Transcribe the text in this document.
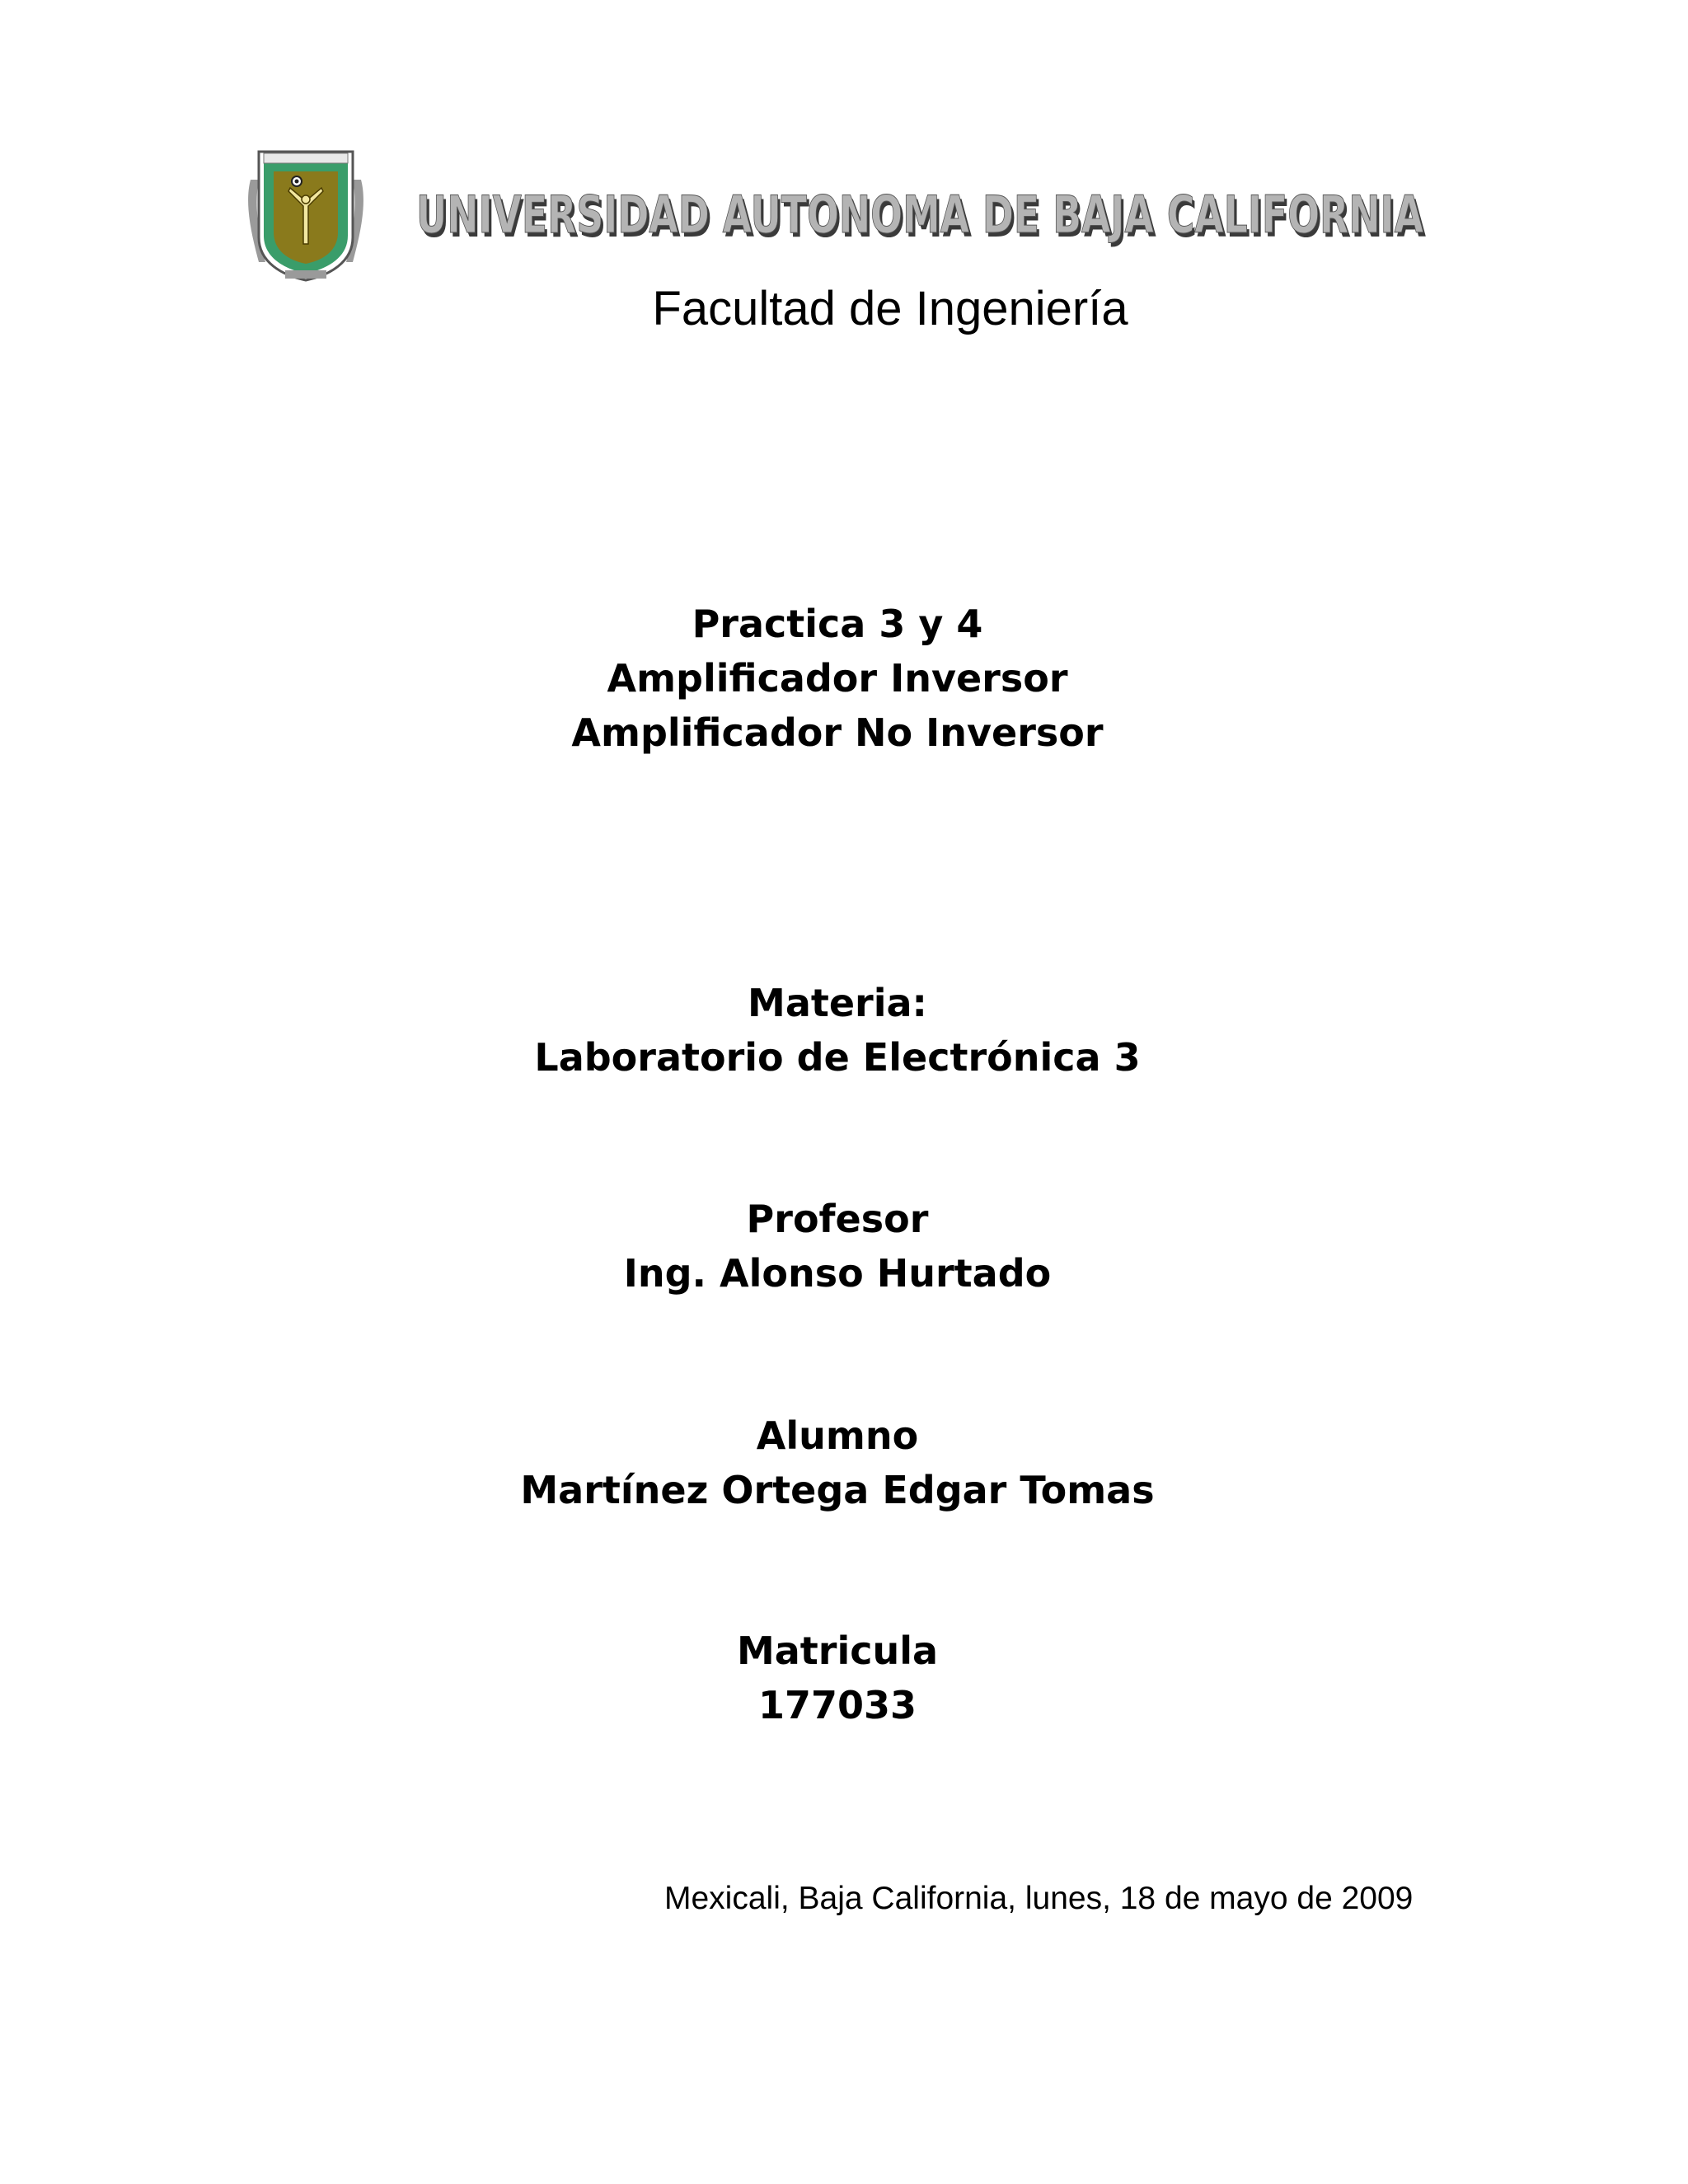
UNIVERSIDAD AUTONOMA DE BAJA CALIFORNIA
UNIVERSIDAD AUTONOMA DE BAJA CALIFORNIA
Facultad de Ingeniería
Practica 3 y 4
Amplificador Inversor
Amplificador No Inversor
Materia:
Laboratorio de Electrónica 3
Profesor
Ing. Alonso Hurtado
Alumno
Martínez Ortega Edgar Tomas
Matricula
177033
Mexicali, Baja California, lunes, 18 de mayo de 2009
